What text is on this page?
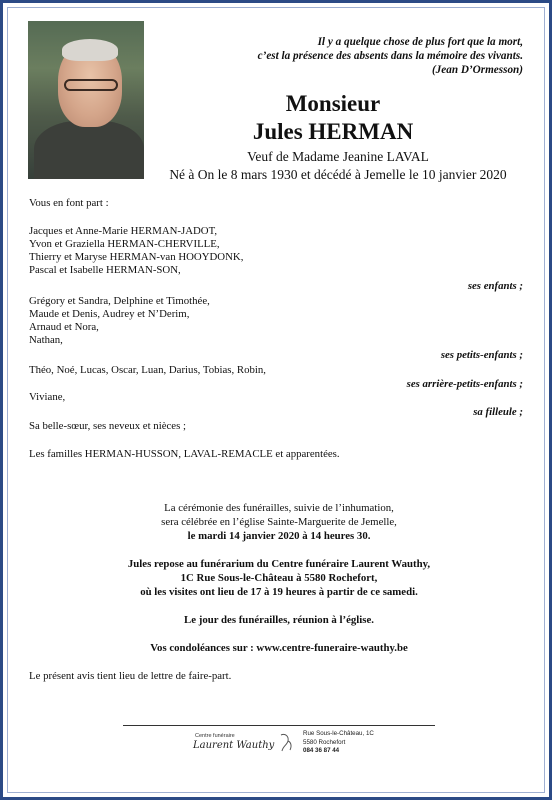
Il y a quelque chose de plus fort que la mort,
c’est la présence des absents dans la mémoire des vivants.
(Jean D’Ormesson)
Monsieur
Jules HERMAN
Veuf de Madame Jeanine LAVAL
Né à On le 8 mars 1930 et décédé à Jemelle le 10 janvier 2020
Vous en font part :
Jacques et Anne-Marie HERMAN-JADOT,
Yvon et Graziella HERMAN-CHERVILLE,
Thierry et Maryse HERMAN-van HOOYDONK,
Pascal et Isabelle HERMAN-SON,
ses enfants ;
Grégory et Sandra, Delphine et Timothée,
Maude et Denis, Audrey et N’Derim,
Arnaud et Nora,
Nathan,
ses petits-enfants ;
Théo, Noé, Lucas, Oscar, Luan, Darius, Tobias, Robin,
ses arrière-petits-enfants ;
Viviane,
sa filleule ;
Sa belle-sœur, ses neveux et nièces ;
Les familles HERMAN-HUSSON, LAVAL-REMACLE et apparentées.
La cérémonie des funérailles, suivie de l’inhumation,
sera célébrée en l’église Sainte-Marguerite de Jemelle,
le mardi 14 janvier 2020 à 14 heures 30.
Jules repose au funérarium du Centre funéraire Laurent Wauthy,
1C Rue Sous-le-Château à 5580 Rochefort,
où les visites ont lieu de 17 à 19 heures à partir de ce samedi.
Le jour des funérailles, réunion à l’église.
Vos condoléances sur : www.centre-funeraire-wauthy.be
Le présent avis tient lieu de lettre de faire-part.
Centre funéraire
Laurent Wauthy
Rue Sous-le-Château, 1C
5580 Rochefort
084 36 87 44
